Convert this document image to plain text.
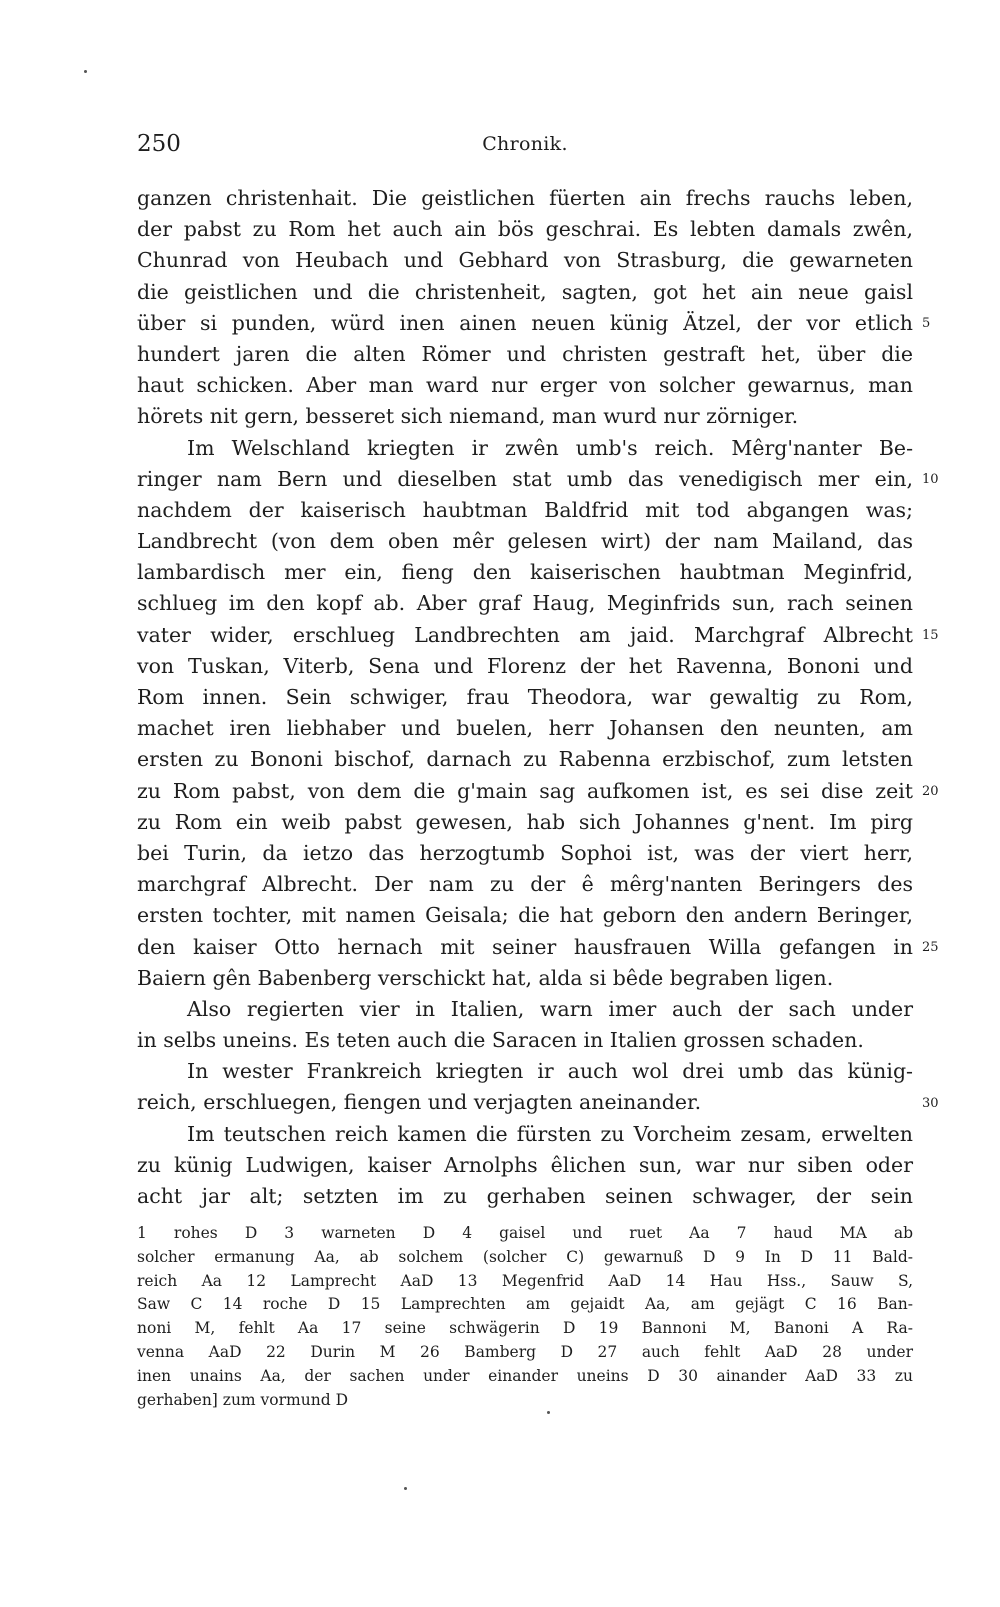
250	Chronik.
ganzen christenhait. Die geistlichen füerten ain frechs rauchs leben,
der pabst zu Rom het auch ain bös geschrai. Es lebten damals zwên,
Chunrad von Heubach und Gebhard von Strasburg, die gewarneten
die geistlichen und die christenheit, sagten, got het ain neue gaisl
über si punden, würd inen ainen neuen künig Ätzel, der vor etlich
hundert jaren die alten Römer und christen gestraft het, über die
haut schicken. Aber man ward nur erger von solcher gewarnus, man
hörets nit gern, besseret sich niemand, man wurd nur zörniger.
Im Welschland kriegten ir zwên umb's reich. Mêrg'nanter Be-
ringer nam Bern und dieselben stat umb das venedigisch mer ein,
nachdem der kaiserisch haubtman Baldfrid mit tod abgangen was;
Landbrecht (von dem oben mêr gelesen wirt) der nam Mailand, das
lambardisch mer ein, fieng den kaiserischen haubtman Meginfrid,
schlueg im den kopf ab. Aber graf Haug, Meginfrids sun, rach seinen
vater wider, erschlueg Landbrechten am jaid. Marchgraf Albrecht
von Tuskan, Viterb, Sena und Florenz der het Ravenna, Bononi und
Rom innen. Sein schwiger, frau Theodora, war gewaltig zu Rom,
machet iren liebhaber und buelen, herr Johansen den neunten, am
ersten zu Bononi bischof, darnach zu Rabenna erzbischof, zum letsten
zu Rom pabst, von dem die g'main sag aufkomen ist, es sei dise zeit
zu Rom ein weib pabst gewesen, hab sich Johannes g'nent. Im pirg
bei Turin, da ietzo das herzogtumb Sophoi ist, was der viert herr,
marchgraf Albrecht. Der nam zu der ê mêrg'nanten Beringers des
ersten tochter, mit namen Geisala; die hat geborn den andern Beringer,
den kaiser Otto hernach mit seiner hausfrauen Willa gefangen in
Baiern gên Babenberg verschickt hat, alda si bêde begraben ligen.
Also regierten vier in Italien, warn imer auch der sach under
in selbs uneins. Es teten auch die Saracen in Italien grossen schaden.
In wester Frankreich kriegten ir auch wol drei umb das künig-
reich, erschluegen, fiengen und verjagten aneinander.
Im teutschen reich kamen die fürsten zu Vorcheim zesam, erwelten
zu künig Ludwigen, kaiser Arnolphs êlichen sun, war nur siben oder
acht jar alt; setzten im zu gerhaben seinen schwager, der sein
5
10
15
20
25
30
1 rohes D 3 warneten D 4 gaisel und ruet Aa 7 haud MA ab
solcher ermanung Aa, ab solchem (solcher C) gewarnuß D 9 In D 11 Bald-
reich Aa 12 Lamprecht AaD 13 Megenfrid AaD 14 Hau Hss., Sauw S,
Saw C 14 roche D 15 Lamprechten am gejaidt Aa, am gejägt C 16 Ban-
noni M, fehlt Aa 17 seine schwägerin D 19 Bannoni M, Banoni A Ra-
venna AaD 22 Durin M 26 Bamberg D 27 auch fehlt AaD 28 under
inen unains Aa, der sachen under einander uneins D 30 ainander AaD 33 zu
gerhaben] zum vormund D
